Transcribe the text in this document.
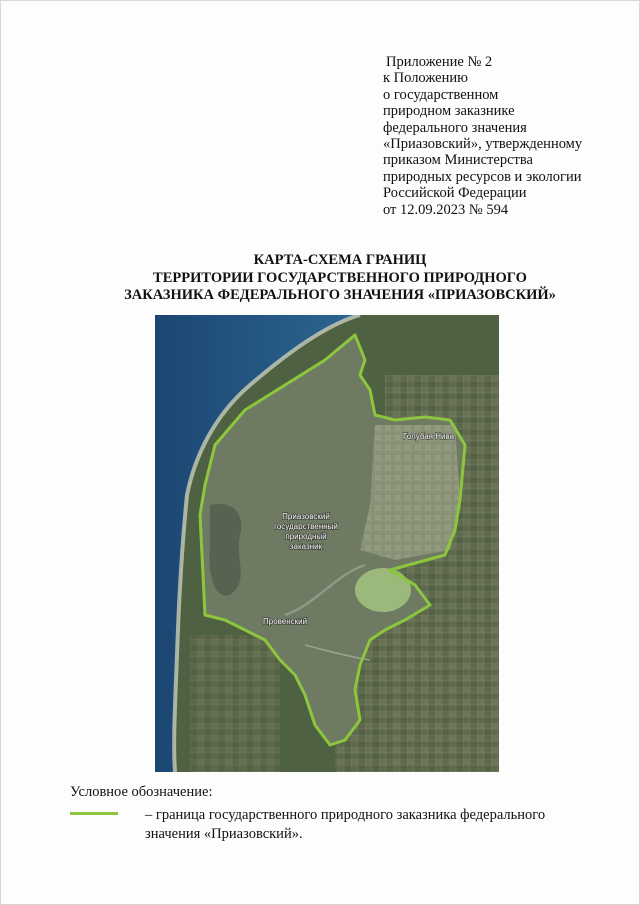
Приложение № 2
к Положению
о государственном
природном заказнике
федерального значения
«Приазовский», утвержденному
приказом Министерства
природных ресурсов и экологии
Российской Федерации
от 12.09.2023 № 594
КАРТА-СХЕМА ГРАНИЦ
ТЕРРИТОРИИ ГОСУДАРСТВЕННОГО ПРИРОДНОГО
ЗАКАЗНИКА ФЕДЕРАЛЬНОГО ЗНАЧЕНИЯ «ПРИАЗОВСКИЙ»
Голубая Нива
Приазовский
государственный
природный
заказник
Провенский
Условное обозначение:
– граница государственного природного заказника федерального
значения «Приазовский».
